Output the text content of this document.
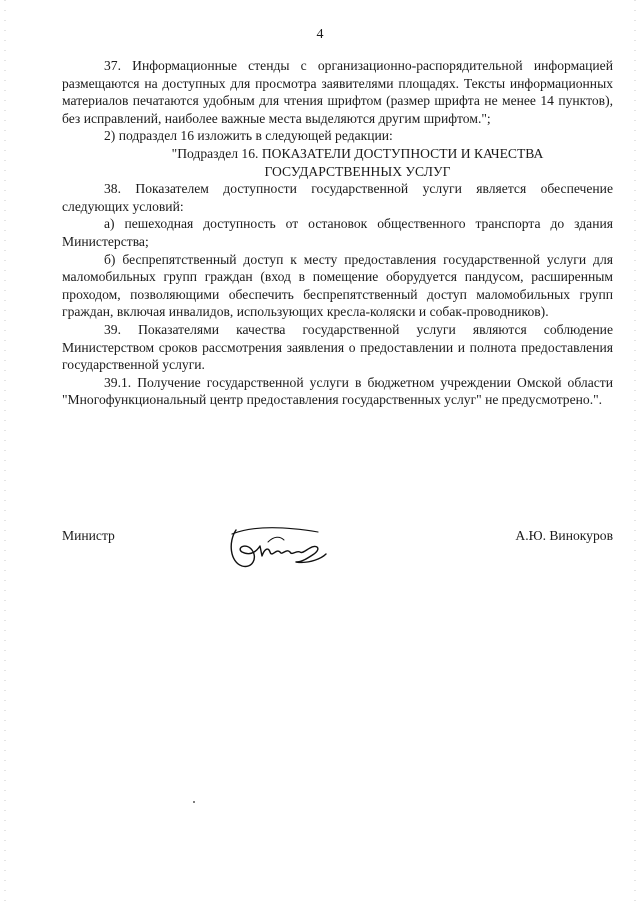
4

37. Информационные стенды с организационно-распорядительной информацией размещаются на доступных для просмотра заявителями площадях. Тексты информационных материалов печатаются удобным для чтения шрифтом (размер шрифта не менее 14 пунктов), без исправлений, наиболее важные места выделяются другим шрифтом.";

2) подраздел 16 изложить в следующей редакции:

"Подраздел 16. ПОКАЗАТЕЛИ ДОСТУПНОСТИ И КАЧЕСТВА ГОСУДАРСТВЕННЫХ УСЛУГ

38. Показателем доступности государственной услуги является обеспечение следующих условий:

а) пешеходная доступность от остановок общественного транспорта до здания Министерства;

б) беспрепятственный доступ к месту предоставления государственной услуги для маломобильных групп граждан (вход в помещение оборудуется пандусом, расширенным проходом, позволяющими обеспечить беспрепятственный доступ маломобильных групп граждан, включая инвалидов, использующих кресла-коляски и собак-проводников).

39. Показателями качества государственной услуги являются соблюдение Министерством сроков рассмотрения заявления о предоставлении и полнота предоставления государственной услуги.

39.1. Получение государственной услуги в бюджетном учреждении Омской области "Многофункциональный центр предоставления государственных услуг" не предусмотрено.".

Министр	А.Ю. Винокуров
